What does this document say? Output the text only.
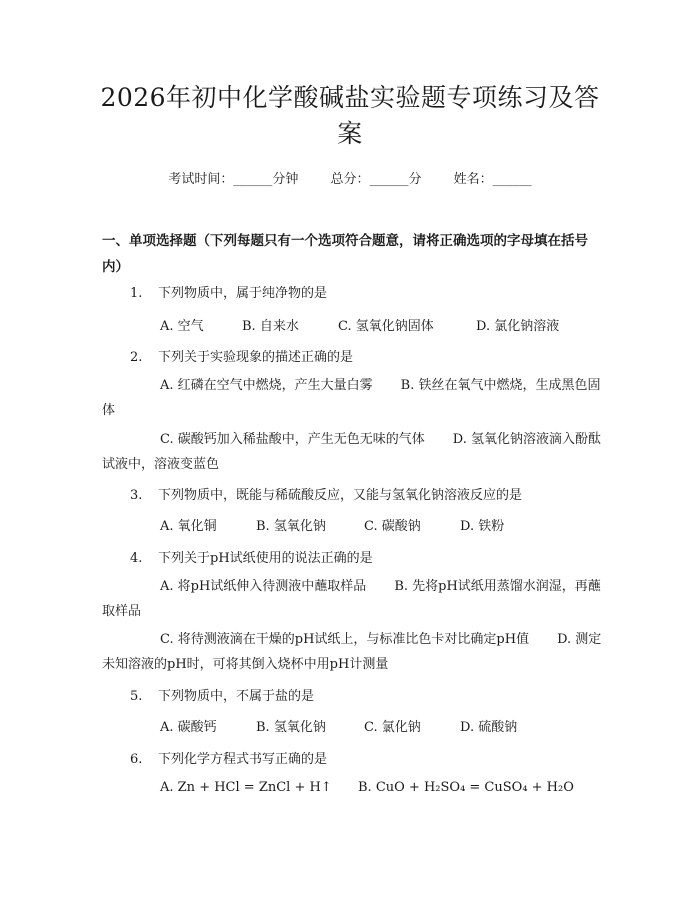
2026年初中化学酸碱盐实验题专项练习及答案
考试时间：______分钟 总分：______分 姓名：______
一、单项选择题（下列每题只有一个选项符合题意，请将正确选项的字母填在括号内）
1. 下列物质中，属于纯净物的是
A. 空气	B. 自来水	C. 氢氧化钠固体	D. 氯化钠溶液
2. 下列关于实验现象的描述正确的是
A. 红磷在空气中燃烧，产生大量白雾 B. 铁丝在氧气中燃烧，生成黑色固体
C. 碳酸钙加入稀盐酸中，产生无色无味的气体 D. 氢氧化钠溶液滴入酚酞试液中，溶液变蓝色
3. 下列物质中，既能与稀硫酸反应，又能与氢氧化钠溶液反应的是
A. 氧化铜	B. 氢氧化钠	C. 碳酸钠	D. 铁粉
4. 下列关于pH试纸使用的说法正确的是
A. 将pH试纸伸入待测液中蘸取样品 B. 先将pH试纸用蒸馏水润湿，再蘸取样品
C. 将待测液滴在干燥的pH试纸上，与标准比色卡对比确定pH值 D. 测定未知溶液的pH时，可将其倒入烧杯中用pH计测量
5. 下列物质中，不属于盐的是
A. 碳酸钙	B. 氢氧化钠	C. 氯化钠	D. 硫酸钠
6. 下列化学方程式书写正确的是
A. Zn + HCl = ZnCl + H↑ B. CuO + H₂SO₄ = CuSO₄ + H₂O
